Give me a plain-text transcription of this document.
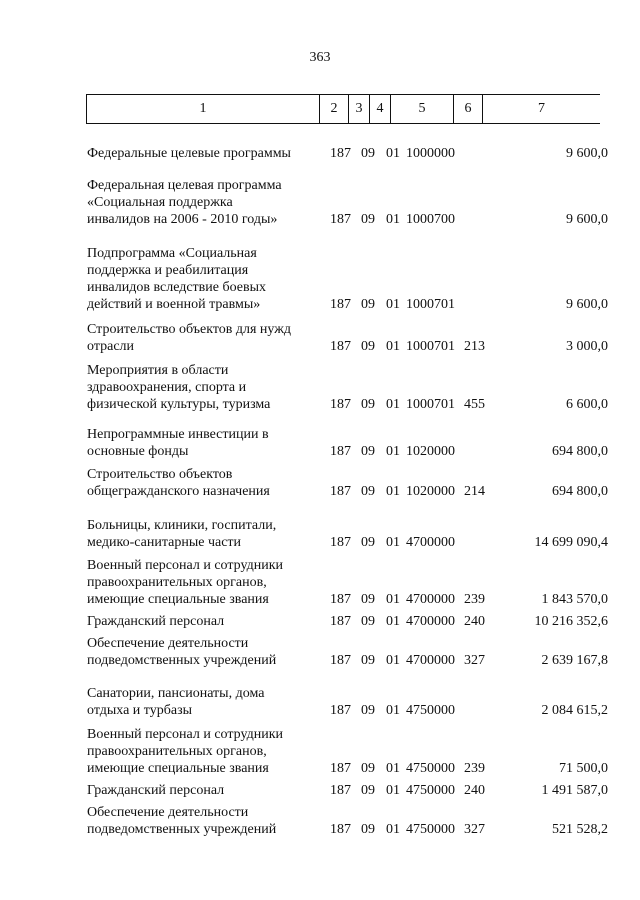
363
1	2	3	4	5	6	7
Федеральные целевые программы	187 09 01 1000000	9 600,0
Федеральная целевая программа
«Социальная поддержка
инвалидов на 2006 - 2010 годы»	187 09 01 1000700	9 600,0
Подпрограмма «Социальная
поддержка и реабилитация
инвалидов вследствие боевых
действий и военной травмы»	187 09 01 1000701	9 600,0
Строительство объектов для нужд
отрасли	187 09 01 1000701 213	3 000,0
Мероприятия в области
здравоохранения, спорта и
физической культуры, туризма	187 09 01 1000701 455	6 600,0
Непрограммные инвестиции в
основные фонды	187 09 01 1020000	694 800,0
Строительство объектов
общегражданского назначения	187 09 01 1020000 214	694 800,0
Больницы, клиники, госпитали,
медико-санитарные части	187 09 01 4700000	14 699 090,4
Военный персонал и сотрудники
правоохранительных органов,
имеющие специальные звания	187 09 01 4700000 239	1 843 570,0
Гражданский персонал	187 09 01 4700000 240	10 216 352,6
Обеспечение деятельности
подведомственных учреждений	187 09 01 4700000 327	2 639 167,8
Санатории, пансионаты, дома
отдыха и турбазы	187 09 01 4750000	2 084 615,2
Военный персонал и сотрудники
правоохранительных органов,
имеющие специальные звания	187 09 01 4750000 239	71 500,0
Гражданский персонал	187 09 01 4750000 240	1 491 587,0
Обеспечение деятельности
подведомственных учреждений	187 09 01 4750000 327	521 528,2
